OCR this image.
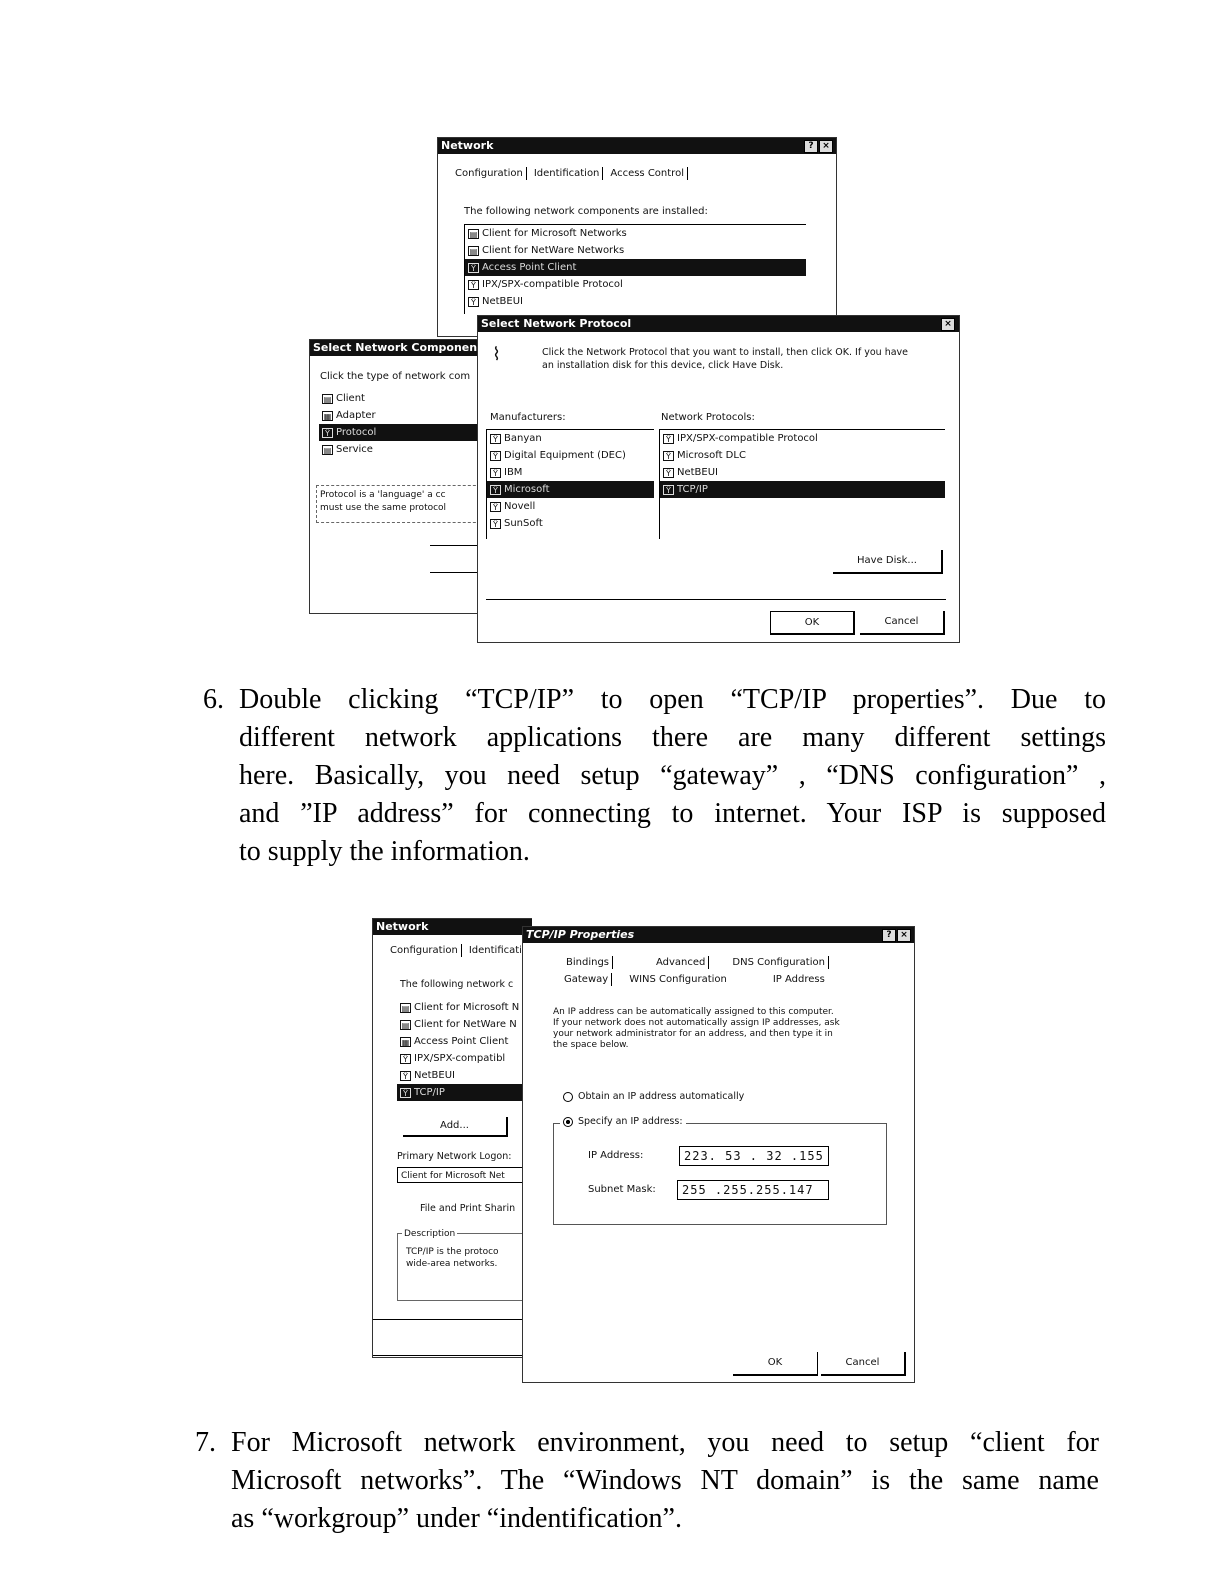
Network	? ×
Configuration Identification Access Control
The following network components are installed:
▤ Client for Microsoft Networks
▤ Client for NetWare Networks
Ϋ Access Point Client
Ϋ IPX/SPX-compatible Protocol
Ϋ NetBEUI
Select Network Componen
Click the type of network com
▤ Client
▦ Adapter
Ϋ Protocol
▤ Service
Protocol is a 'language' a cc
must use the same protocol
Select Network Protocol	×
⌇	Click the Network Protocol that you want to install, then click OK. If you have
an installation disk for this device, click Have Disk.
Manufacturers:	Network Protocols:
Ϋ Banyan
Ϋ Digital Equipment (DEC)
Ϋ IBM
Ϋ Microsoft
Ϋ Novell
Ϋ SunSoft
Ϋ IPX/SPX-compatible Protocol
Ϋ Microsoft DLC
Ϋ NetBEUI
Ϋ TCP/IP
Have Disk...
OK	Cancel
6. Double clicking “TCP/IP” to open “TCP/IP properties”. Due to
different network applications there are many different settings
here. Basically, you need setup “gateway” , “DNS configuration” ,
and ”IP address” for connecting to internet. Your ISP is supposed
to supply the information.
Network
Configuration Identificati
The following network c
▤ Client for Microsoft N
▤ Client for NetWare N
▦ Access Point Client
Ϋ IPX/SPX-compatibl
Ϋ NetBEUI
Ϋ TCP/IP
Add...
Primary Network Logon:
Client for Microsoft Net
File and Print Sharin
Description
TCP/IP is the protoco
wide-area networks.
TCP/IP Properties	? ×
Bindings	Advanced	DNS Configuration
Gateway WINS Configuration	IP Address
An IP address can be automatically assigned to this computer.
If your network does not automatically assign IP addresses, ask
your network administrator for an address, and then type it in
the space below.
Obtain an IP address automatically
Specify an IP address:
IP Address:	223. 53 . 32 .155
Subnet Mask:	255 .255.255.147
OK	Cancel
7. For Microsoft network environment, you need to setup “client for
Microsoft networks”. The “Windows NT domain” is the same name
as “workgroup” under “indentification”.
